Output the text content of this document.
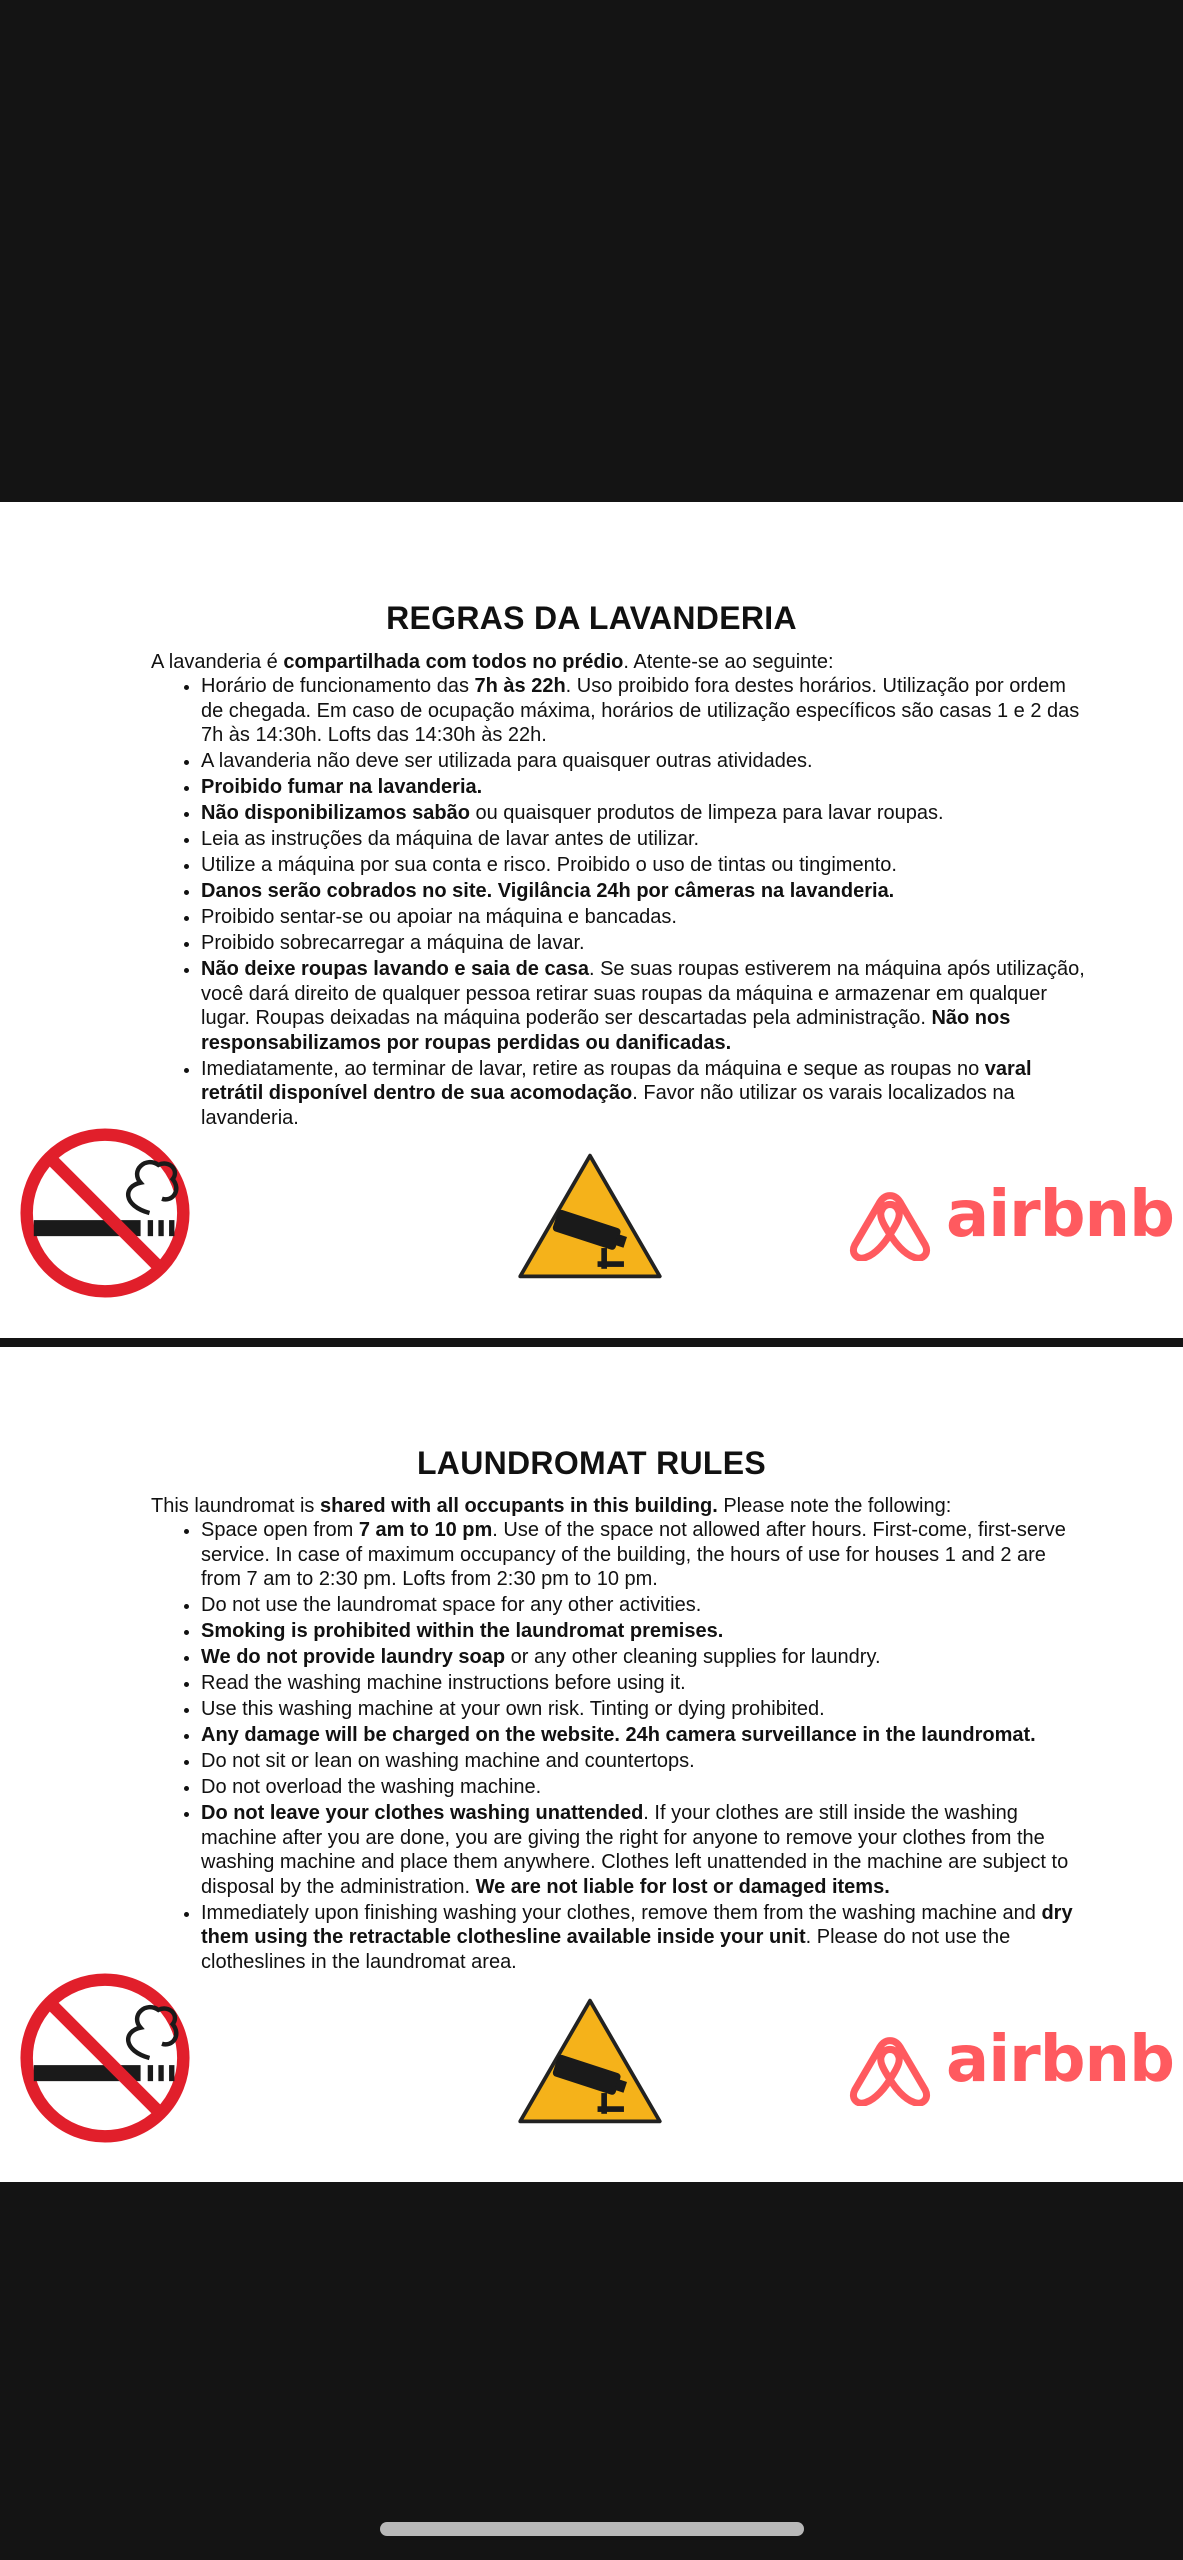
REGRAS DA LAVANDERIA

A lavanderia é compartilhada com todos no prédio. Atente-se ao seguinte:

• Horário de funcionamento das 7h às 22h. Uso proibido fora destes horários. Utilização por ordem de chegada. Em caso de ocupação máxima, horários de utilização específicos são casas 1 e 2 das 7h às 14:30h. Lofts das 14:30h às 22h.
• A lavanderia não deve ser utilizada para quaisquer outras atividades.
• Proibido fumar na lavanderia.
• Não disponibilizamos sabão ou quaisquer produtos de limpeza para lavar roupas.
• Leia as instruções da máquina de lavar antes de utilizar.
• Utilize a máquina por sua conta e risco. Proibido o uso de tintas ou tingimento.
• Danos serão cobrados no site. Vigilância 24h por câmeras na lavanderia.
• Proibido sentar-se ou apoiar na máquina e bancadas.
• Proibido sobrecarregar a máquina de lavar.
• Não deixe roupas lavando e saia de casa. Se suas roupas estiverem na máquina após utilização, você dará direito de qualquer pessoa retirar suas roupas da máquina e armazenar em qualquer lugar. Roupas deixadas na máquina poderão ser descartadas pela administração. Não nos responsabilizamos por roupas perdidas ou danificadas.
• Imediatamente, ao terminar de lavar, retire as roupas da máquina e seque as roupas no varal retrátil disponível dentro de sua acomodação. Favor não utilizar os varais localizados na lavanderia.
airbnb
LAUNDROMAT RULES

This laundromat is shared with all occupants in this building. Please note the following:

• Space open from 7 am to 10 pm. Use of the space not allowed after hours. First-come, first-serve service. In case of maximum occupancy of the building, the hours of use for houses 1 and 2 are from 7 am to 2:30 pm. Lofts from 2:30 pm to 10 pm.
• Do not use the laundromat space for any other activities.
• Smoking is prohibited within the laundromat premises.
• We do not provide laundry soap or any other cleaning supplies for laundry.
• Read the washing machine instructions before using it.
• Use this washing machine at your own risk. Tinting or dying prohibited.
• Any damage will be charged on the website. 24h camera surveillance in the laundromat.
• Do not sit or lean on washing machine and countertops.
• Do not overload the washing machine.
• Do not leave your clothes washing unattended. If your clothes are still inside the washing machine after you are done, you are giving the right for anyone to remove your clothes from the washing machine and place them anywhere. Clothes left unattended in the machine are subject to disposal by the administration. We are not liable for lost or damaged items.
• Immediately upon finishing washing your clothes, remove them from the washing machine and dry them using the retractable clothesline available inside your unit. Please do not use the clotheslines in the laundromat area.
airbnb
